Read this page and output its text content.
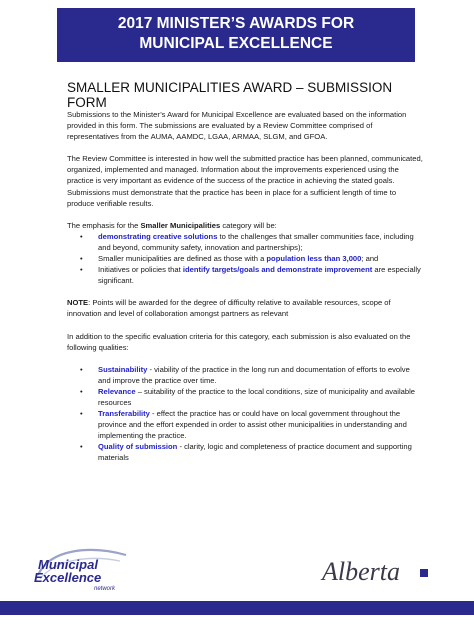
2017 MINISTER’S AWARDS FOR
MUNICIPAL EXCELLENCE
SMALLER MUNICIPALITIES AWARD – SUBMISSION FORM

Submissions to the Minister’s Award for Municipal Excellence are evaluated based on the information provided in this form. The submissions are evaluated by a Review Committee comprised of representatives from the AUMA, AAMDC, LGAA, ARMAA, SLGM, and GFOA.

The Review Committee is interested in how well the submitted practice has been planned, communicated, organized, implemented and managed. Information about the improvements experienced using the practice is very important as evidence of the success of the practice in achieving the stated goals. Submissions must demonstrate that the practice has been in place for a sufficient length of time to produce verifiable results.

The emphasis for the Smaller Municipalities category will be:

• demonstrating creative solutions to the challenges that smaller communities face, including and beyond, community safety, innovation and partnerships);
• Smaller municipalities are defined as those with a population less than 3,000; and
• Initiatives or policies that identify targets/goals and demonstrate improvement are especially significant.

NOTE: Points will be awarded for the degree of difficulty relative to available resources, scope of innovation and level of collaboration amongst partners as relevant

In addition to the specific evaluation criteria for this category, each submission is also evaluated on the following qualities:

• Sustainability - viability of the practice in the long run and documentation of efforts to evolve and improve the practice over time.
• Relevance – suitability of the practice to the local conditions, size of municipality and available resources
• Transferability - effect the practice has or could have on local government throughout the province and the effort expended in order to assist other municipalities in understanding and implementing the practice.
• Quality of submission - clarity, logic and completeness of practice document and supporting materials
Municipal
Excellence
network
Alberta
